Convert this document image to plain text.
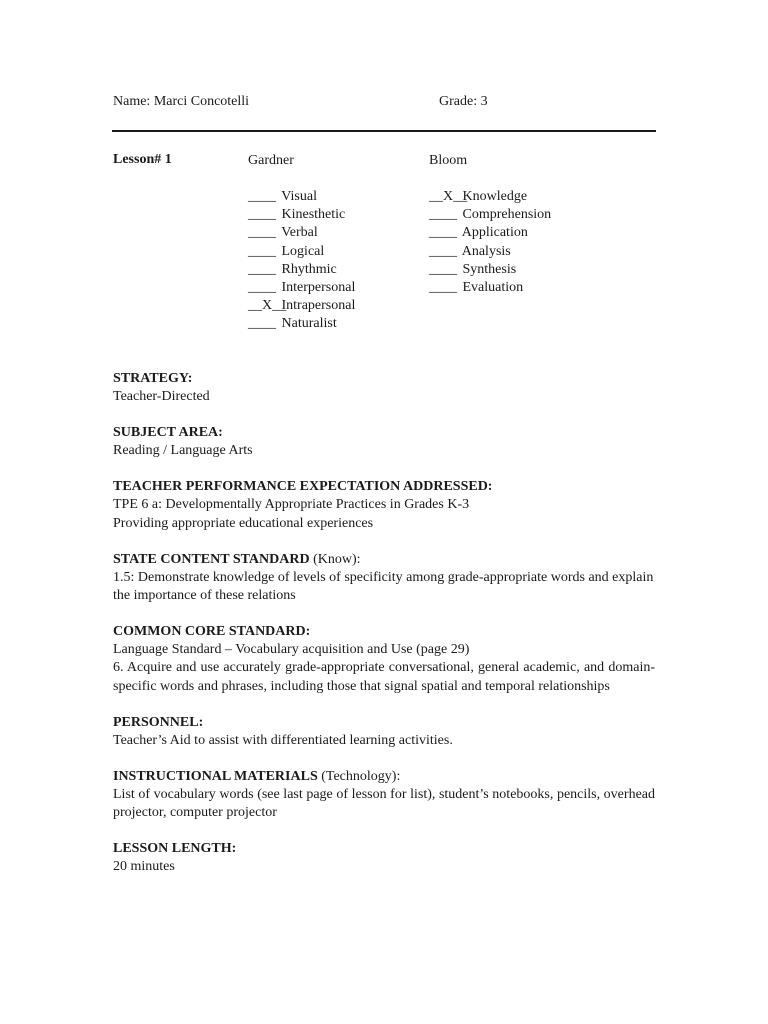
Name: Marci Concotelli	Grade: 3
Lesson# 1	Gardner
____ Visual
____ Kinesthetic
____ Verbal
____ Logical
____ Rhythmic
____ Interpersonal
__X__ Intrapersonal
____ Naturalist
Bloom
__X__ Knowledge
____ Comprehension
____ Application
____ Analysis
____ Synthesis
____ Evaluation
STRATEGY:

Teacher-Directed

SUBJECT AREA:

Reading / Language Arts

TEACHER PERFORMANCE EXPECTATION ADDRESSED:

TPE 6 a: Developmentally Appropriate Practices in Grades K-3

Providing appropriate educational experiences

STATE CONTENT STANDARD (Know):

1.5: Demonstrate knowledge of levels of specificity among grade-appropriate words and explain the importance of these relations

COMMON CORE STANDARD:

Language Standard – Vocabulary acquisition and Use (page 29)

6. Acquire and use accurately grade-appropriate conversational, general academic, and domain-specific words and phrases, including those that signal spatial and temporal relationships

PERSONNEL:

Teacher’s Aid to assist with differentiated learning activities.

INSTRUCTIONAL MATERIALS (Technology):

List of vocabulary words (see last page of lesson for list), student’s notebooks, pencils, overhead projector, computer projector

LESSON LENGTH:

20 minutes
